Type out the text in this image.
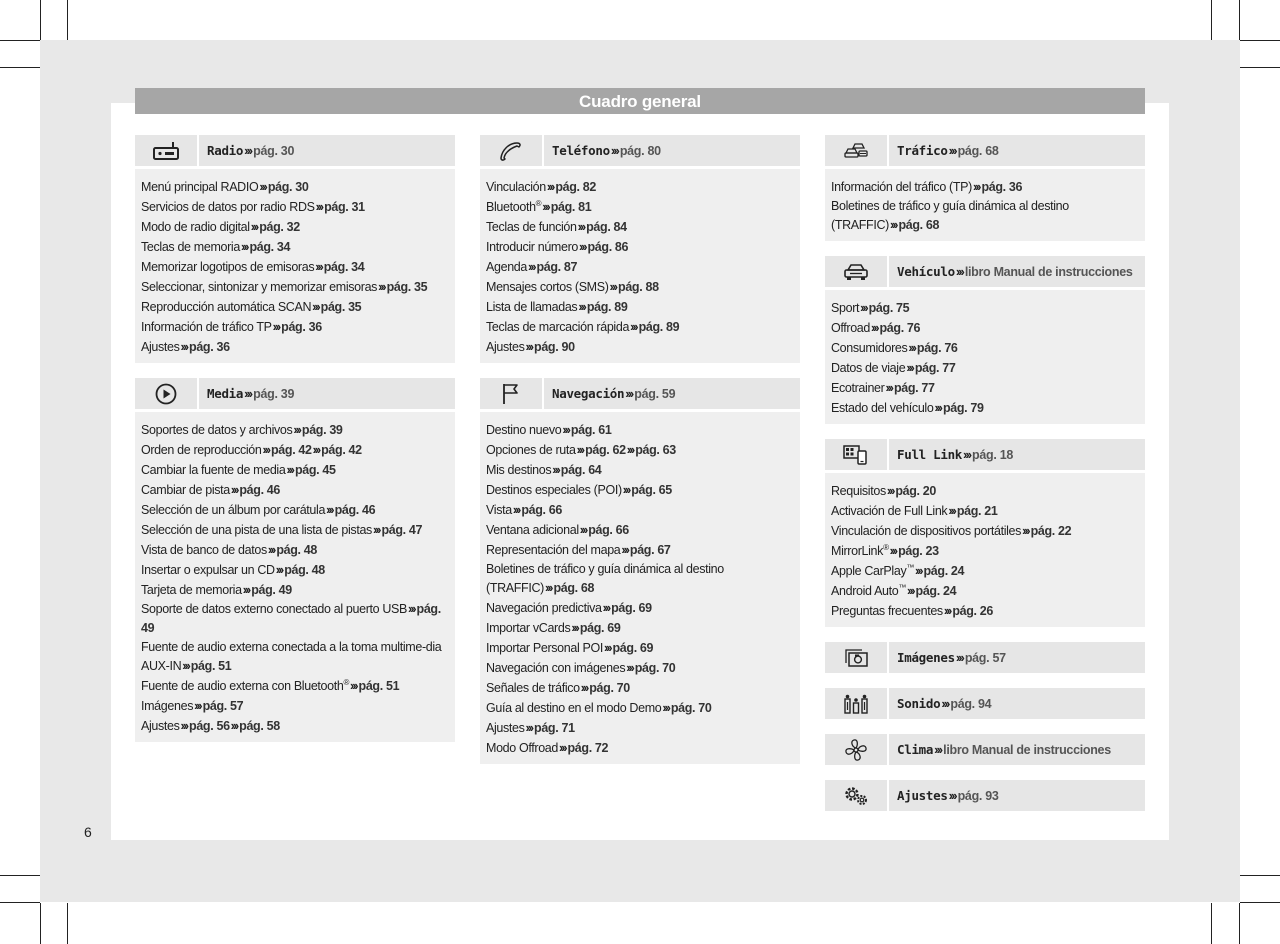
Cuadro general
Radio››› pág. 30
Menú principal RADIO››› pág. 30
Servicios de datos por radio RDS››› pág. 31
Modo de radio digital››› pág. 32
Teclas de memoria››› pág. 34
Memorizar logotipos de emisoras››› pág. 34
Seleccionar, sintonizar y memorizar emisoras››› pág. 35
Reproducción automática SCAN››› pág. 35
Información de tráfico TP››› pág. 36
Ajustes››› pág. 36
Media››› pág. 39
Soportes de datos y archivos››› pág. 39
Orden de reproducción››› pág. 42››› pág. 42
Cambiar la fuente de media››› pág. 45
Cambiar de pista››› pág. 46
Selección de un álbum por carátula››› pág. 46
Selección de una pista de una lista de pistas››› pág. 47
Vista de banco de datos››› pág. 48
Insertar o expulsar un CD››› pág. 48
Tarjeta de memoria››› pág. 49
Soporte de datos externo conectado al puerto USB››› pág. 49
Fuente de audio externa conectada a la toma multime-dia AUX-IN››› pág. 51
Fuente de audio externa con Bluetooth®››› pág. 51
Imágenes››› pág. 57
Ajustes››› pág. 56››› pág. 58
Teléfono››› pág. 80
Vinculación››› pág. 82
Bluetooth®››› pág. 81
Teclas de función››› pág. 84
Introducir número››› pág. 86
Agenda››› pág. 87
Mensajes cortos (SMS)››› pág. 88
Lista de llamadas››› pág. 89
Teclas de marcación rápida››› pág. 89
Ajustes››› pág. 90
Navegación››› pág. 59
Destino nuevo››› pág. 61
Opciones de ruta››› pág. 62››› pág. 63
Mis destinos››› pág. 64
Destinos especiales (POI)››› pág. 65
Vista››› pág. 66
Ventana adicional››› pág. 66
Representación del mapa››› pág. 67
Boletines de tráfico y guía dinámica al destino (TRAFFIC)››› pág. 68
Navegación predictiva››› pág. 69
Importar vCards››› pág. 69
Importar Personal POI››› pág. 69
Navegación con imágenes››› pág. 70
Señales de tráfico››› pág. 70
Guía al destino en el modo Demo››› pág. 70
Ajustes››› pág. 71
Modo Offroad››› pág. 72
Tráfico››› pág. 68
Información del tráfico (TP)››› pág. 36
Boletines de tráfico y guía dinámica al destino (TRAFFIC)››› pág. 68
Vehículo››› libro Manual de instrucciones
Sport››› pág. 75
Offroad››› pág. 76
Consumidores››› pág. 76
Datos de viaje››› pág. 77
Ecotrainer››› pág. 77
Estado del vehículo››› pág. 79
Full Link››› pág. 18
Requisitos››› pág. 20
Activación de Full Link››› pág. 21
Vinculación de dispositivos portátiles››› pág. 22
MirrorLink®››› pág. 23
Apple CarPlay™››› pág. 24
Android Auto™››› pág. 24
Preguntas frecuentes››› pág. 26
Imágenes››› pág. 57
Sonido››› pág. 94
Clima››› libro Manual de instrucciones
Ajustes››› pág. 93
6
